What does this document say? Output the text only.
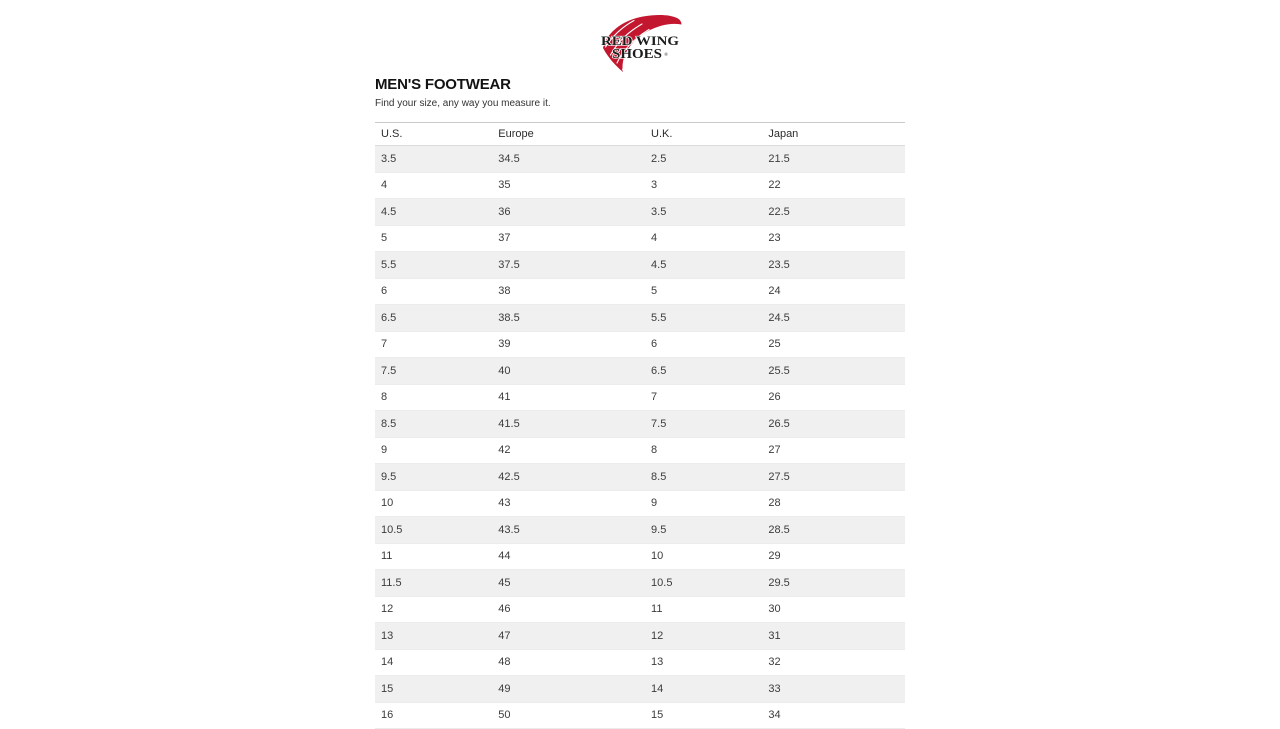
RED WING
SHOES ®
MEN'S FOOTWEAR

Find your size, any way you measure it.

U.S.	Europe	U.K.	Japan
3.5	34.5	2.5	21.5
4	35	3	22
4.5	36	3.5	22.5
5	37	4	23
5.5	37.5	4.5	23.5
6	38	5	24
6.5	38.5	5.5	24.5
7	39	6	25
7.5	40	6.5	25.5
8	41	7	26
8.5	41.5	7.5	26.5
9	42	8	27
9.5	42.5	8.5	27.5
10	43	9	28
10.5	43.5	9.5	28.5
11	44	10	29
11.5	45	10.5	29.5
12	46	11	30
13	47	12	31
14	48	13	32
15	49	14	33
16	50	15	34
